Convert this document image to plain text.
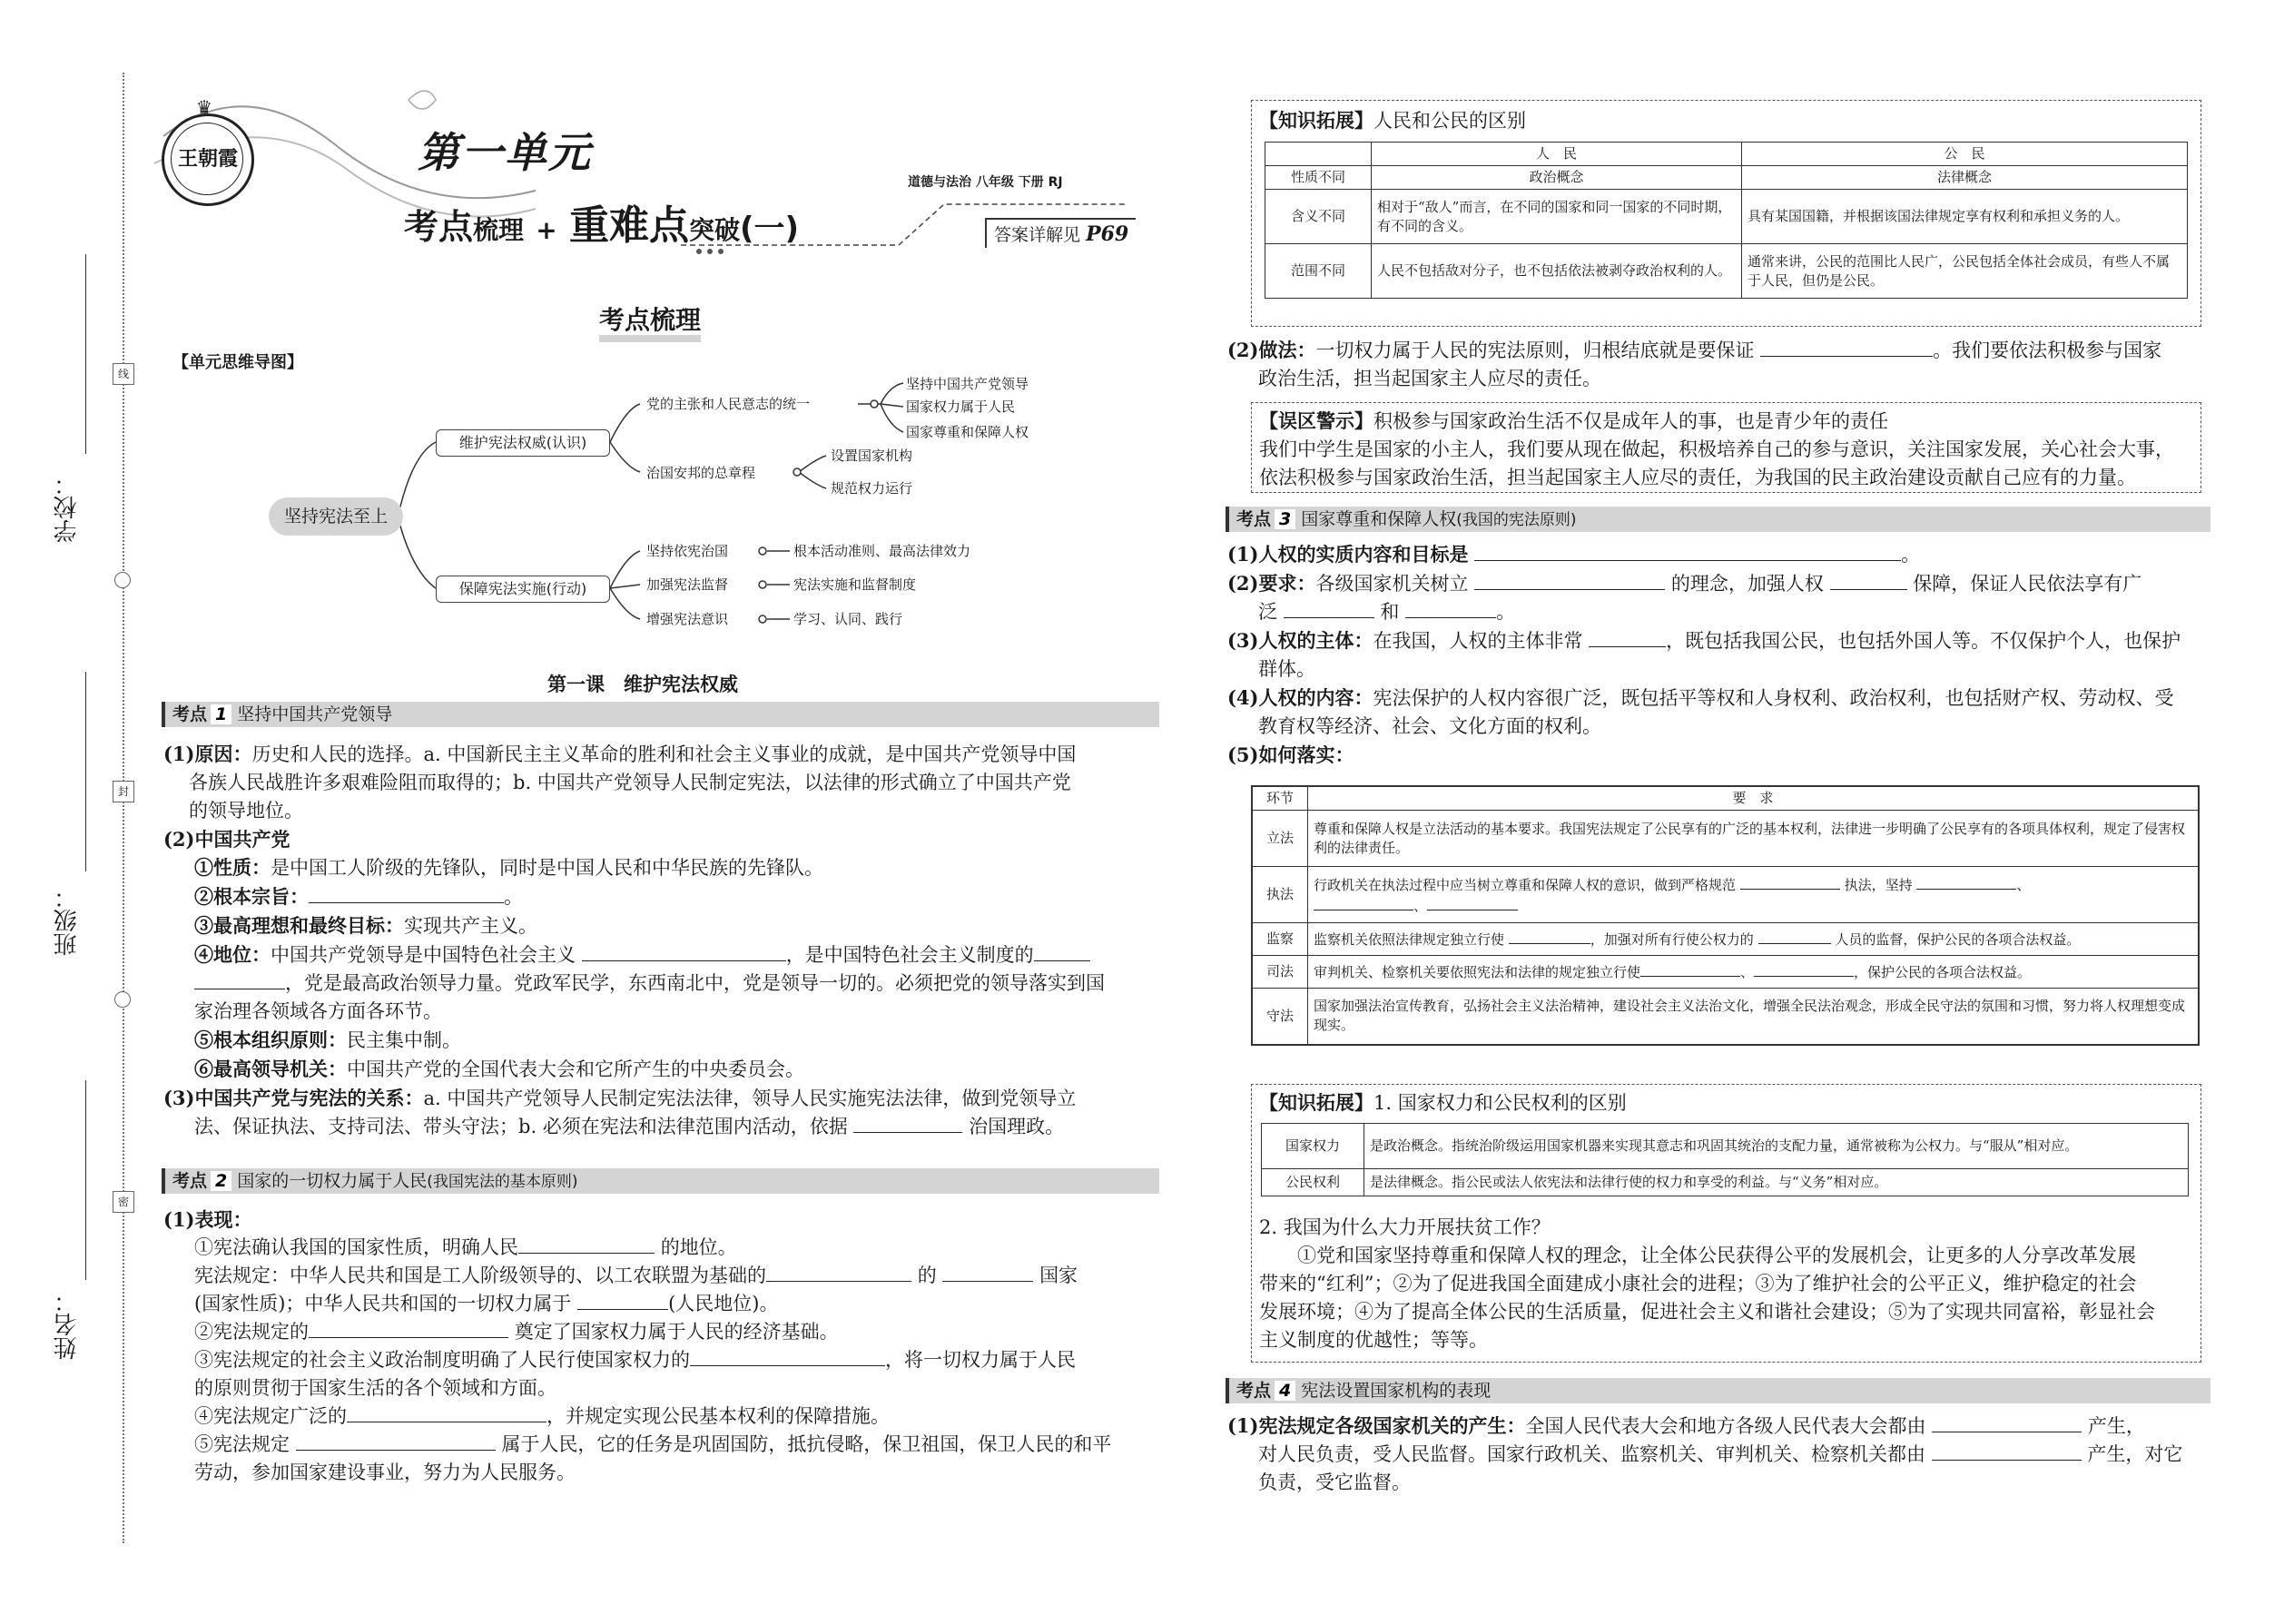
线
封
密
学校：
班级：
姓名：
王朝霞
♛
第一单元
考点梳理 + 重难点突破(一)
道德与法治 八年级 下册 RJ
答案详解见 P69
考点梳理
【单元思维导图】
坚持宪法至上
维护宪法权威(认识)
保障宪法实施(行动)
党的主张和人民意志的统一
坚持中国共产党领导
国家权力属于人民
国家尊重和保障人权
治国安邦的总章程
设置国家机构
规范权力运行
坚持依宪治国	根本活动准则、最高法律效力
加强宪法监督	宪法实施和监督制度
增强宪法意识	学习、认同、践行
第一课　维护宪法权威
考点 1 坚持中国共产党领导
(1)原因：历史和人民的选择。a. 中国新民主主义革命的胜利和社会主义事业的成就，是中国共产党领导中国
各族人民战胜许多艰难险阻而取得的；b. 中国共产党领导人民制定宪法，以法律的形式确立了中国共产党
的领导地位。
(2)中国共产党
①性质：是中国工人阶级的先锋队，同时是中国人民和中华民族的先锋队。
②根本宗旨：	。
③最高理想和最终目标：实现共产主义。
④地位：中国共产党领导是中国特色社会主义	，是中国特色社会主义制度的
，党是最高政治领导力量。党政军民学，东西南北中，党是领导一切的。必须把党的领导落实到国
家治理各领域各方面各环节。
⑤根本组织原则：民主集中制。
⑥最高领导机关：中国共产党的全国代表大会和它所产生的中央委员会。
(3)中国共产党与宪法的关系：a. 中国共产党领导人民制定宪法法律，领导人民实施宪法法律，做到党领导立
法、保证执法、支持司法、带头守法；b. 必须在宪法和法律范围内活动，依据	治国理政。
考点 2 国家的一切权力属于人民(我国宪法的基本原则)
(1)表现：
①宪法确认我国的国家性质，明确人民	的地位。
宪法规定：中华人民共和国是工人阶级领导的、以工农联盟为基础的	的	国家
(国家性质)；中华人民共和国的一切权力属于	(人民地位)。
②宪法规定的	奠定了国家权力属于人民的经济基础。
③宪法规定的社会主义政治制度明确了人民行使国家权力的	，将一切权力属于人民
的原则贯彻于国家生活的各个领域和方面。
④宪法规定广泛的	，并规定实现公民基本权利的保障措施。
⑤宪法规定	属于人民，它的任务是巩固国防，抵抗侵略，保卫祖国，保卫人民的和平
劳动，参加国家建设事业，努力为人民服务。
【知识拓展】人民和公民的区别
	人　民	公　民
性质不同	政治概念	法律概念
含义不同	相对于“敌人”而言，在不同的国家和同一国家的不同时期，有不同的含义。	具有某国国籍，并根据该国法律规定享有权利和承担义务的人。
范围不同	人民不包括敌对分子，也不包括依法被剥夺政治权利的人。	通常来讲，公民的范围比人民广，公民包括全体社会成员，有些人不属于人民，但仍是公民。
(2)做法：一切权力属于人民的宪法原则，归根结底就是要保证	。我们要依法积极参与国家
政治生活，担当起国家主人应尽的责任。
【误区警示】积极参与国家政治生活不仅是成年人的事，也是青少年的责任
我们中学生是国家的小主人，我们要从现在做起，积极培养自己的参与意识，关注国家发展，关心社会大事，
依法积极参与国家政治生活，担当起国家主人应尽的责任，为我国的民主政治建设贡献自己应有的力量。
考点 3 国家尊重和保障人权(我国的宪法原则)
(1)人权的实质内容和目标是	。
(2)要求：各级国家机关树立	的理念，加强人权	保障，保证人民依法享有广
泛	和	。
(3)人权的主体：在我国，人权的主体非常	，既包括我国公民，也包括外国人等。不仅保护个人，也保护
群体。
(4)人权的内容：宪法保护的人权内容很广泛，既包括平等权和人身权利、政治权利，也包括财产权、劳动权、受
教育权等经济、社会、文化方面的权利。
(5)如何落实：
环节	要　求
立法	尊重和保障人权是立法活动的基本要求。我国宪法规定了公民享有的广泛的基本权利，法律进一步明确了公民享有的各项具体权利，规定了侵害权利的法律责任。
执法	行政机关在执法过程中应当树立尊重和保障人权的意识，做到严格规范 执法，坚持 、
、
监察	监察机关依照法律规定独立行使 ，加强对所有行使公权力的 人员的监督，保护公民的各项合法权益。
司法	审判机关、检察机关要依照宪法和法律的规定独立行使 、 ，保护公民的各项合法权益。
守法	国家加强法治宣传教育，弘扬社会主义法治精神，建设社会主义法治文化，增强全民法治观念，形成全民守法的氛围和习惯，努力将人权理想变成现实。
【知识拓展】1. 国家权力和公民权利的区别
国家权力	是政治概念。指统治阶级运用国家机器来实现其意志和巩固其统治的支配力量，通常被称为公权力。与“服从”相对应。
公民权利	是法律概念。指公民或法人依宪法和法律行使的权力和享受的利益。与“义务”相对应。
2. 我国为什么大力开展扶贫工作？
①党和国家坚持尊重和保障人权的理念，让全体公民获得公平的发展机会，让更多的人分享改革发展
带来的“红利”；②为了促进我国全面建成小康社会的进程；③为了维护社会的公平正义，维护稳定的社会
发展环境；④为了提高全体公民的生活质量，促进社会主义和谐社会建设；⑤为了实现共同富裕，彰显社会
主义制度的优越性；等等。
考点 4 宪法设置国家机构的表现
(1)宪法规定各级国家机关的产生：全国人民代表大会和地方各级人民代表大会都由	产生，
对人民负责，受人民监督。国家行政机关、监察机关、审判机关、检察机关都由	产生，对它
负责，受它监督。
